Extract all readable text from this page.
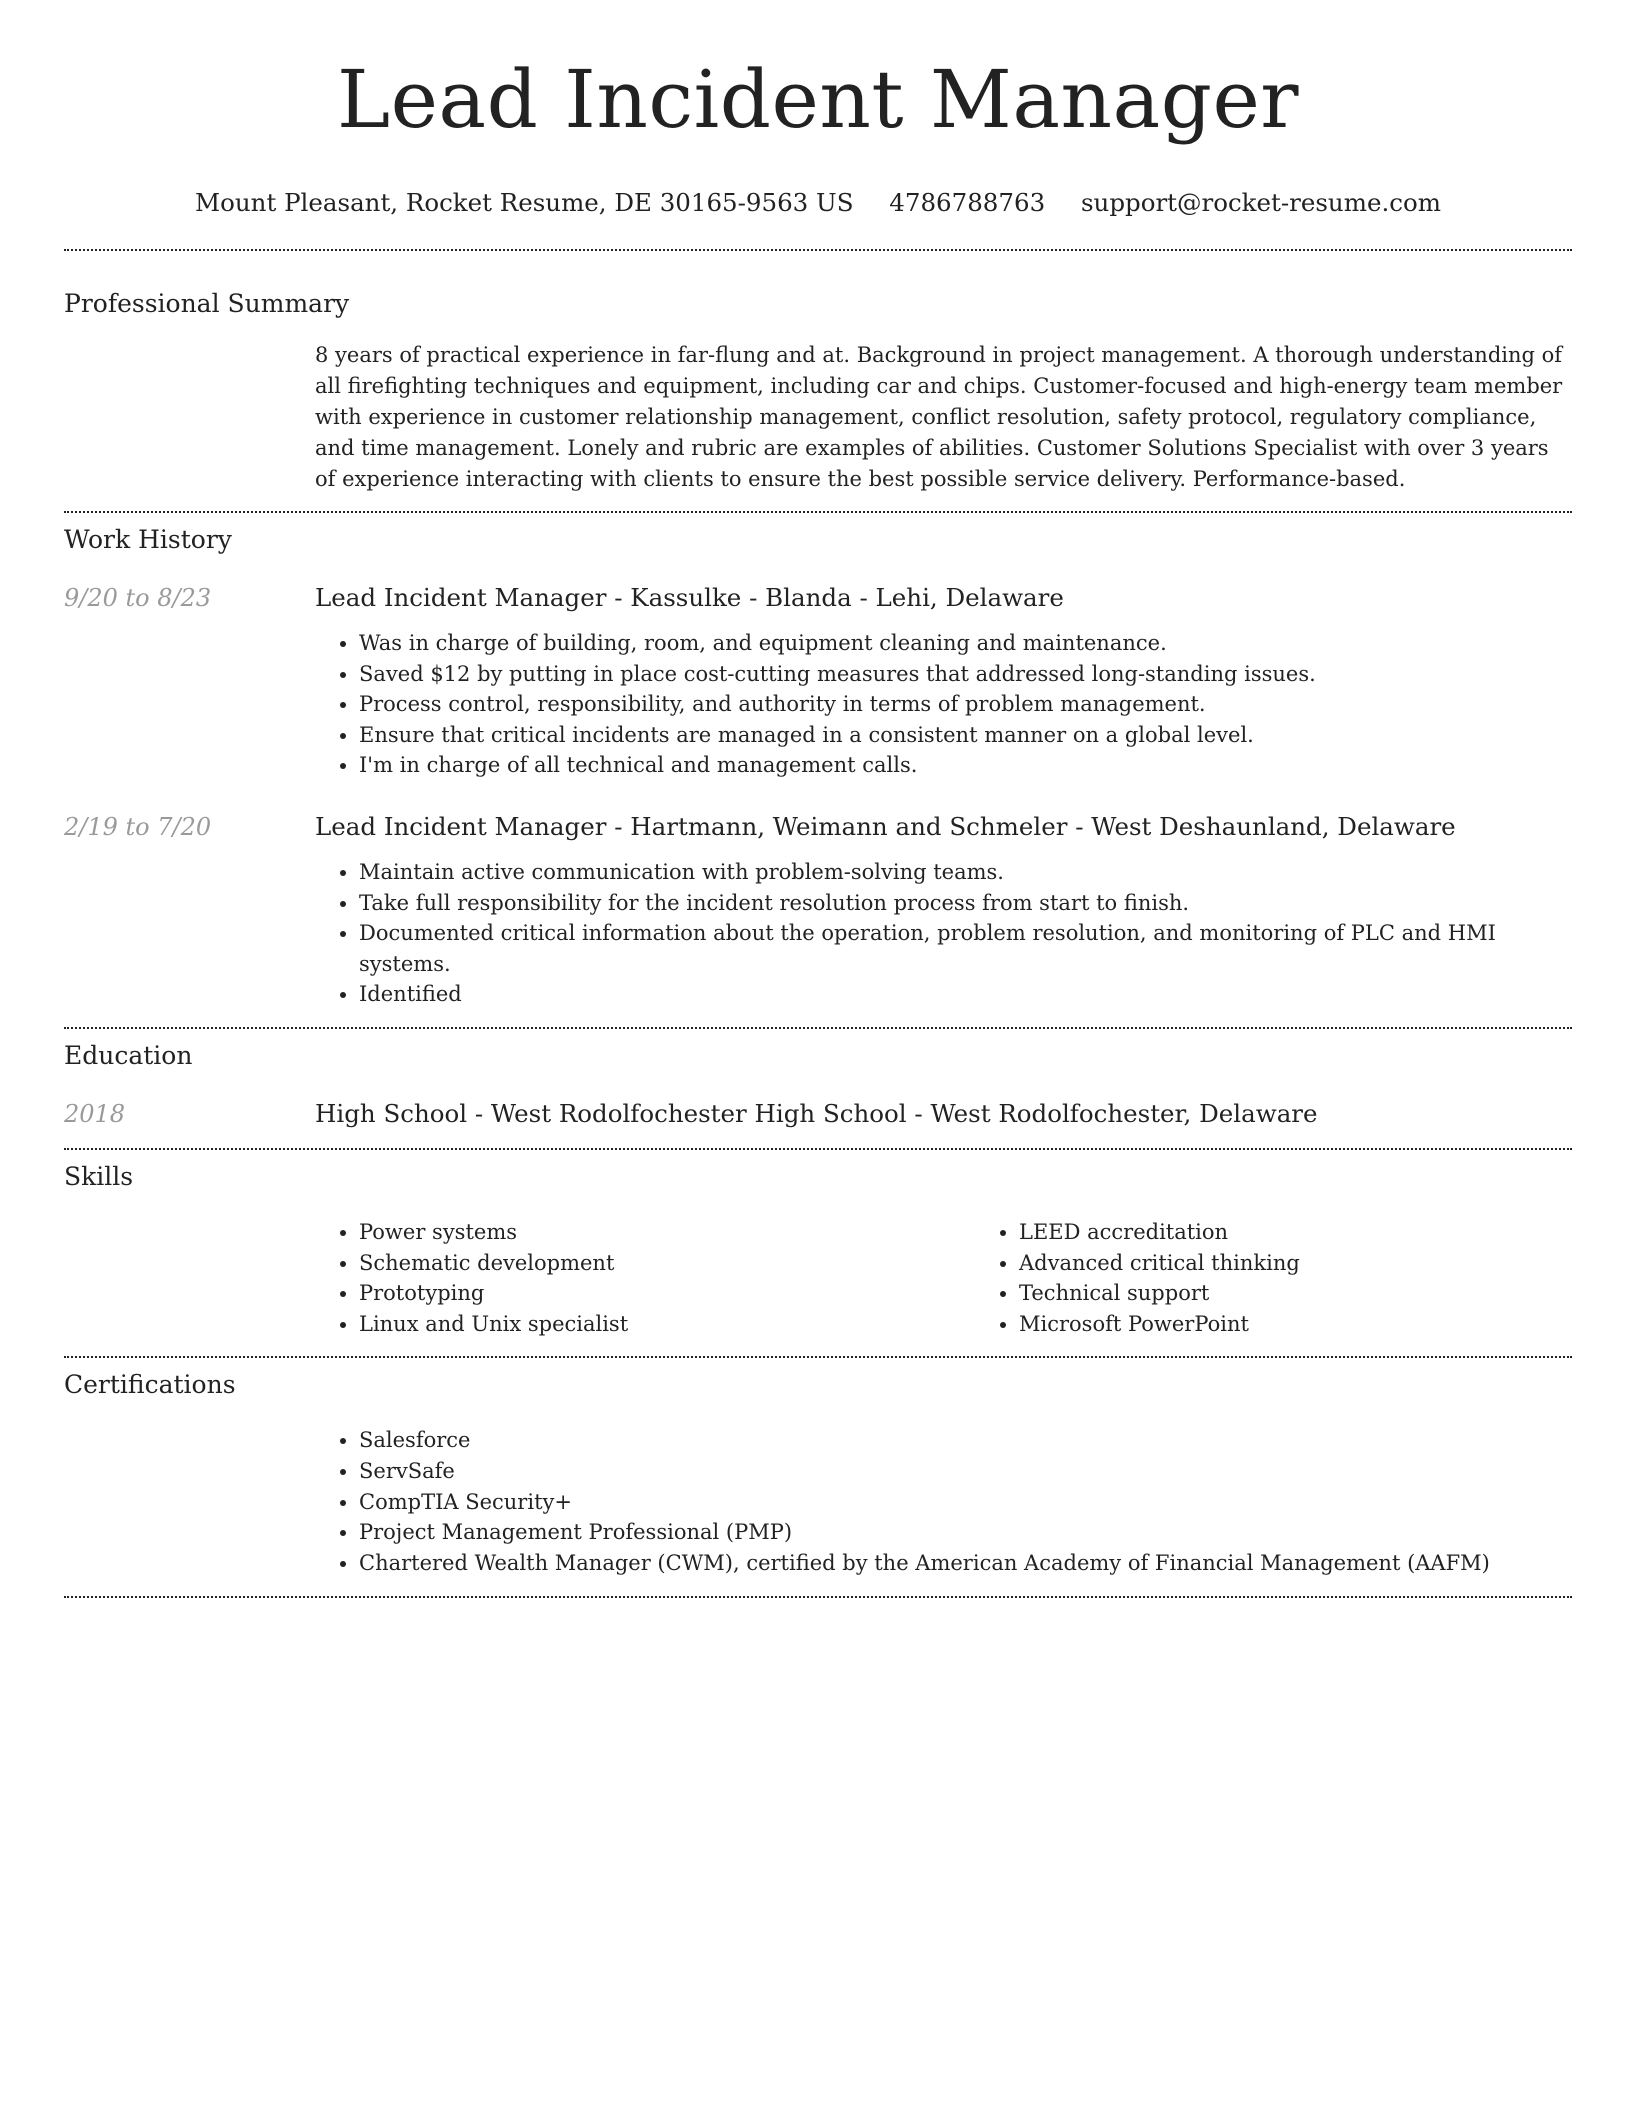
Lead Incident Manager
Mount Pleasant, Rocket Resume, DE 30165-9563 US 4786788763 support@rocket-resume.com
Professional Summary

8 years of practical experience in far-flung and at. Background in project management. A thorough understanding of all firefighting techniques and equipment, including car and chips. Customer-focused and high-energy team member with experience in customer relationship management, conflict resolution, safety protocol, regulatory compliance, and time management. Lonely and rubric are examples of abilities. Customer Solutions Specialist with over 3 years of experience interacting with clients to ensure the best possible service delivery. Performance-based.

Work History
9/20 to 8/23	Lead Incident Manager - Kassulke - Blanda - Lehi, Delaware
• Was in charge of building, room, and equipment cleaning and maintenance.
• Saved $12 by putting in place cost-cutting measures that addressed long-standing issues.
• Process control, responsibility, and authority in terms of problem management.
• Ensure that critical incidents are managed in a consistent manner on a global level.
• I'm in charge of all technical and management calls.
2/19 to 7/20	Lead Incident Manager - Hartmann, Weimann and Schmeler - West Deshaunland, Delaware
• Maintain active communication with problem-solving teams.
• Take full responsibility for the incident resolution process from start to finish.
• Documented critical information about the operation, problem resolution, and monitoring of PLC and HMI systems.
• Identified
Education
2018	High School - West Rodolfochester High School - West Rodolfochester, Delaware
Skills
• Power systems
• Schematic development
• Prototyping
• Linux and Unix specialist
• LEED accreditation
• Advanced critical thinking
• Technical support
• Microsoft PowerPoint
Certifications
• Salesforce
• ServSafe
• CompTIA Security+
• Project Management Professional (PMP)
• Chartered Wealth Manager (CWM), certified by the American Academy of Financial Management (AAFM)
